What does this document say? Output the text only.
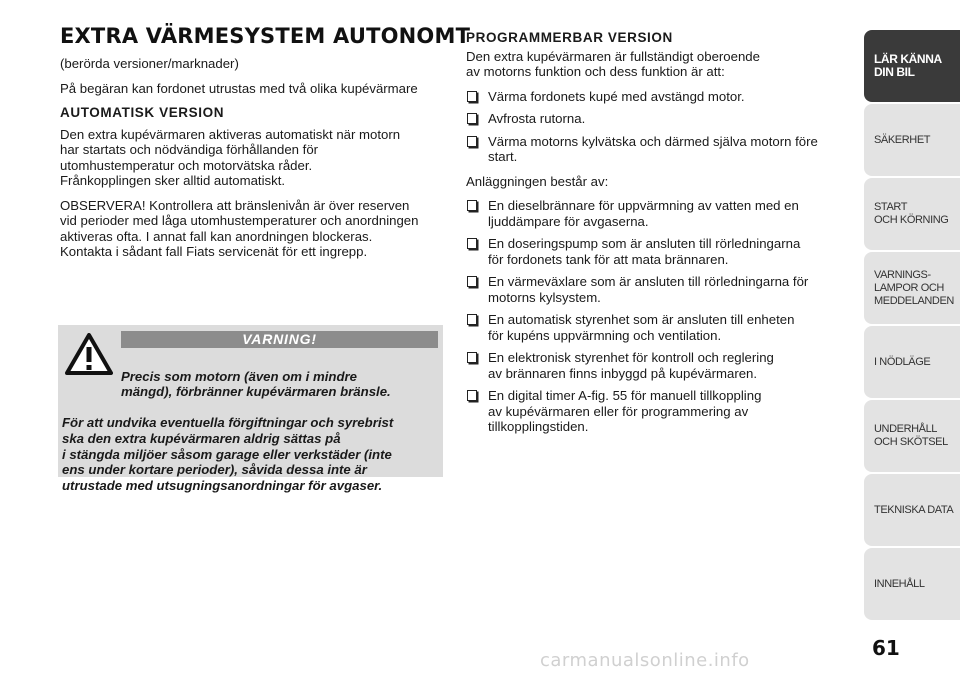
EXTRA VÄRMESYSTEM AUTONOMT

(berörda versioner/marknader)

På begäran kan fordonet utrustas med två olika kupévärmare

AUTOMATISK VERSION

Den extra kupévärmaren aktiveras automatiskt när motorn
har startats och nödvändiga förhållanden för
utomhustemperatur och motorvätska råder.
Frånkopplingen sker alltid automatiskt.

OBSERVERA! Kontrollera att bränslenivån är över reserven
vid perioder med låga utomhustemperaturer och anordningen
aktiveras ofta. I annat fall kan anordningen blockeras.
Kontakta i sådant fall Fiats servicenät för ett ingrepp.

VARNING!

Precis som motorn (även om i mindre
mängd), förbränner kupévärmaren bränsle.

För att undvika eventuella förgiftningar och syrebrist
ska den extra kupévärmaren aldrig sättas på
i stängda miljöer såsom garage eller verkstäder (inte
ens under kortare perioder), såvida dessa inte är
utrustade med utsugningsanordningar för avgaser.

PROGRAMMERBAR VERSION

Den extra kupévärmaren är fullständigt oberoende
av motorns funktion och dess funktion är att:

Värma fordonets kupé med avstängd motor.
Avfrosta rutorna.
Värma motorns kylvätska och därmed själva motorn före
start.

Anläggningen består av:

En dieselbrännare för uppvärmning av vatten med en
ljuddämpare för avgaserna.
En doseringspump som är ansluten till rörledningarna
för fordonets tank för att mata brännaren.
En värmeväxlare som är ansluten till rörledningarna för
motorns kylsystem.
En automatisk styrenhet som är ansluten till enheten
för kupéns uppvärmning och ventilation.
En elektronisk styrenhet för kontroll och reglering
av brännaren finns inbyggd på kupévärmaren.
En digital timer A-fig. 55 för manuell tillkoppling
av kupévärmaren eller för programmering av
tillkopplingstiden.
LÄR KÄNNA
DIN BIL
SÄKERHET
START
OCH KÖRNING
VARNINGS-
LAMPOR OCH
MEDDELANDEN
I NÖDLÄGE
UNDERHÅLL
OCH SKÖTSEL
TEKNISKA DATA
INNEHÅLL
61
carmanualsonline.info
